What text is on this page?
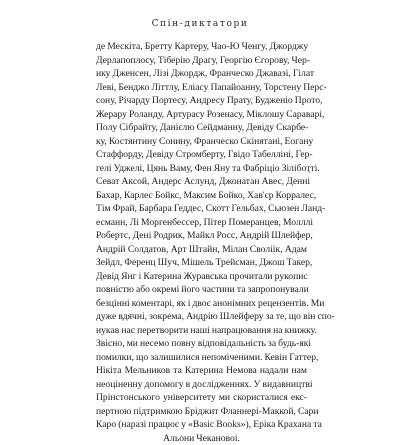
Спін-диктатори
де Мескіта, Бретту Картеру, Чао-Ю Ченгу, Джорджу
Дерлапоплосу, Тіберію Драгу, Георгію Єгорову, Чер-
ику Дженсен, Лізі Джордж, Франческо Джавазі, Гілат
Леві, Бенджо Літтлу, Еліасу Папайоанну, Торстену Перс-
сону, Річарду Портесу, Андресу Прату, Будженіо Прото,
Жерару Роланду, Артурасу Розенасу, Міклошу Сараварі,
Полу Сібрайту, Данієлю Сейдманну, Девіду Скарбе-
ку, Костянтину Сонину, Франческо Скінятані, Еогану
Стаффорду, Девіду Стромберту, Гвідо Табелліні, Гер-
гелі Уджелі, Цянь Ваму, Фен Яну та Фабріціо Зілібоҭті.
Севат Аксой, Андерс Аслунд, Джонатан Авес, Денні
Бахар, Карлес Бойкс, Максим Бойко, Хав'єр Корралес,
Тім Фрай, Барбара Геддес, Скотт Гельбах, Сьюзен Ланд-
есманн, Лі Моргенбессер, Пітер Померанцев, Молллі
Робертс, Дені Родрик, Майкл Росс, Андрій Шлейфер,
Андрій Солдатов, Арт Штайн, Мілан Своліік, Адам
Зейдл, Ференц Шуч, Мішель Трейсман, Джош Такер,
Девід Янг і Катерина Журавська прочитали рукопис
повністю або окремі його частини та запропонували
безцінні коментарі, як і двоє анонімних рецензентів. Ми
дуже вдячні, зокрема, Андрію Шлейферу за те, що він спо-
нукав нас перетворити наші напрацювання на книжку.
Звісно, ми несемо повну відповідальність за будь-які
помилки, що залишилися непоміченими. Кевін Гаттер,
Нікіта Мельников та Катерина Немова надали нам
неоціненну допомогу в дослідженнях. У видавництві
Прінстонського університету ми скористалися екс-
пертною підтримкою Бріджит Фланнері-Маккой, Сари
Каро (наразі працює у «Basic Books»), Еріка Крахана та
Альони Чекановоі.
